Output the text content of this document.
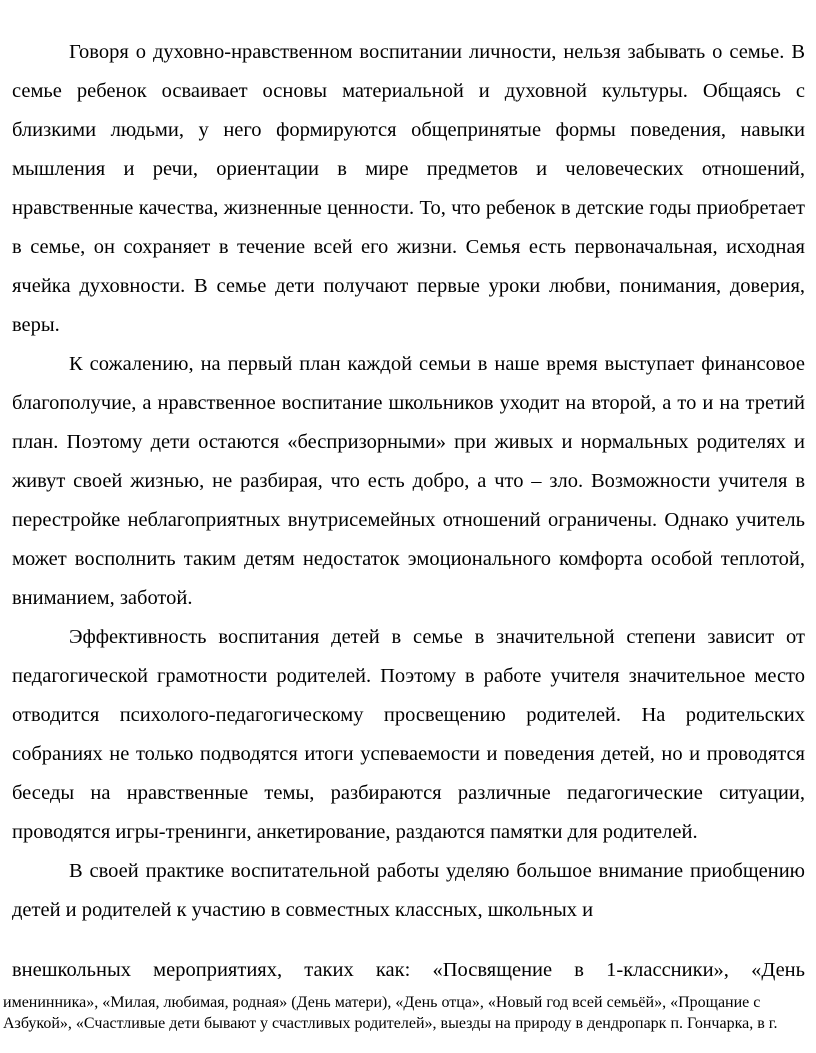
Говоря о духовно-нравственном воспитании личности, нельзя забывать о семье. В семье ребенок осваивает основы материальной и духовной культуры. Общаясь с близкими людьми, у него формируются общепринятые формы поведения, навыки мышления и речи, ориентации в мире предметов и человеческих отношений, нравственные качества, жизненные ценности. То, что ребенок в детские годы приобретает в семье, он сохраняет в течение всей его жизни. Семья есть первоначальная, исходная ячейка духовности. В семье дети получают первые уроки любви, понимания, доверия, веры.

К сожалению, на первый план каждой семьи в наше время выступает финансовое благополучие, а нравственное воспитание школьников уходит на второй, а то и на третий план. Поэтому дети остаются «беспризорными» при живых и нормальных родителях и живут своей жизнью, не разбирая, что есть добро, а что – зло. Возможности учителя в перестройке неблагоприятных внутрисемейных отношений ограничены. Однако учитель может восполнить таким детям недостаток эмоционального комфорта особой теплотой, вниманием, заботой.

Эффективность воспитания детей в семье в значительной степени зависит от педагогической грамотности родителей. Поэтому в работе учителя значительное место отводится психолого-педагогическому просвещению родителей. На родительских собраниях не только подводятся итоги успеваемости и поведения детей, но и проводятся беседы на нравственные темы, разбираются различные педагогические ситуации, проводятся игры-тренинги, анкетирование, раздаются памятки для родителей.

В своей практике воспитательной работы уделяю большое внимание приобщению детей и родителей к участию в совместных классных, школьных и

внешкольных мероприятиях, таких как: «Посвящение в 1-классники», «День
именинника», «Милая, любимая, родная» (День матери), «День отца», «Новый год всей семьёй», «Прощание с Азбукой», «Счастливые дети бывают у счастливых родителей», выезды на природу в дендропарк п. Гончарка, в г.
